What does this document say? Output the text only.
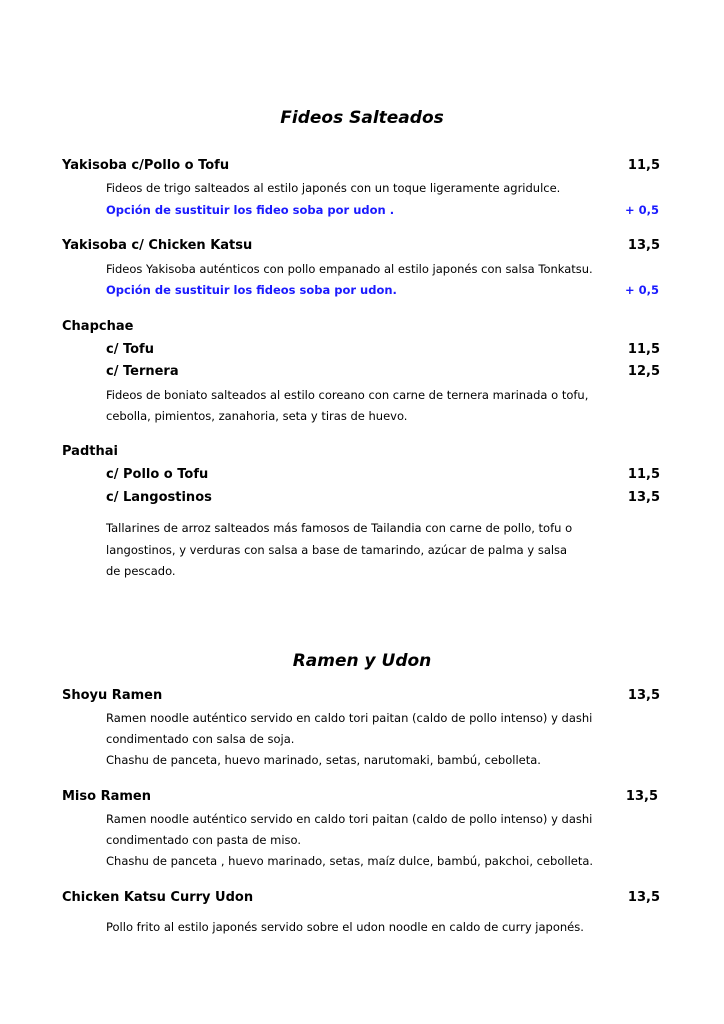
Fideos Salteados
Yakisoba c/Pollo o Tofu	11,5
Fideos de trigo salteados al estilo japonés con un toque ligeramente agridulce.
Opción de sustituir los fideo soba por udon .	+ 0,5
Yakisoba c/ Chicken Katsu	13,5
Fideos Yakisoba auténticos con pollo empanado al estilo japonés con salsa Tonkatsu.
Opción de sustituir los fideos soba por udon.	+ 0,5
Chapchae
c/ Tofu	11,5
c/ Ternera	12,5
Fideos de boniato salteados al estilo coreano con carne de ternera marinada o tofu,
cebolla, pimientos, zanahoria, seta y tiras de huevo.
Padthai
c/ Pollo o Tofu	11,5
c/ Langostinos	13,5
Tallarines de arroz salteados más famosos de Tailandia con carne de pollo, tofu o
langostinos, y verduras con salsa a base de tamarindo, azúcar de palma y salsa
de pescado.
Ramen y Udon
Shoyu Ramen	13,5
Ramen noodle auténtico servido en caldo tori paitan (caldo de pollo intenso) y dashi
condimentado con salsa de soja.
Chashu de panceta, huevo marinado, setas, narutomaki, bambú, cebolleta.
Miso Ramen	13,5
Ramen noodle auténtico servido en caldo tori paitan (caldo de pollo intenso) y dashi
condimentado con pasta de miso.
Chashu de panceta , huevo marinado, setas, maíz dulce, bambú, pakchoi, cebolleta.
Chicken Katsu Curry Udon	13,5
Pollo frito al estilo japonés servido sobre el udon noodle en caldo de curry japonés.
